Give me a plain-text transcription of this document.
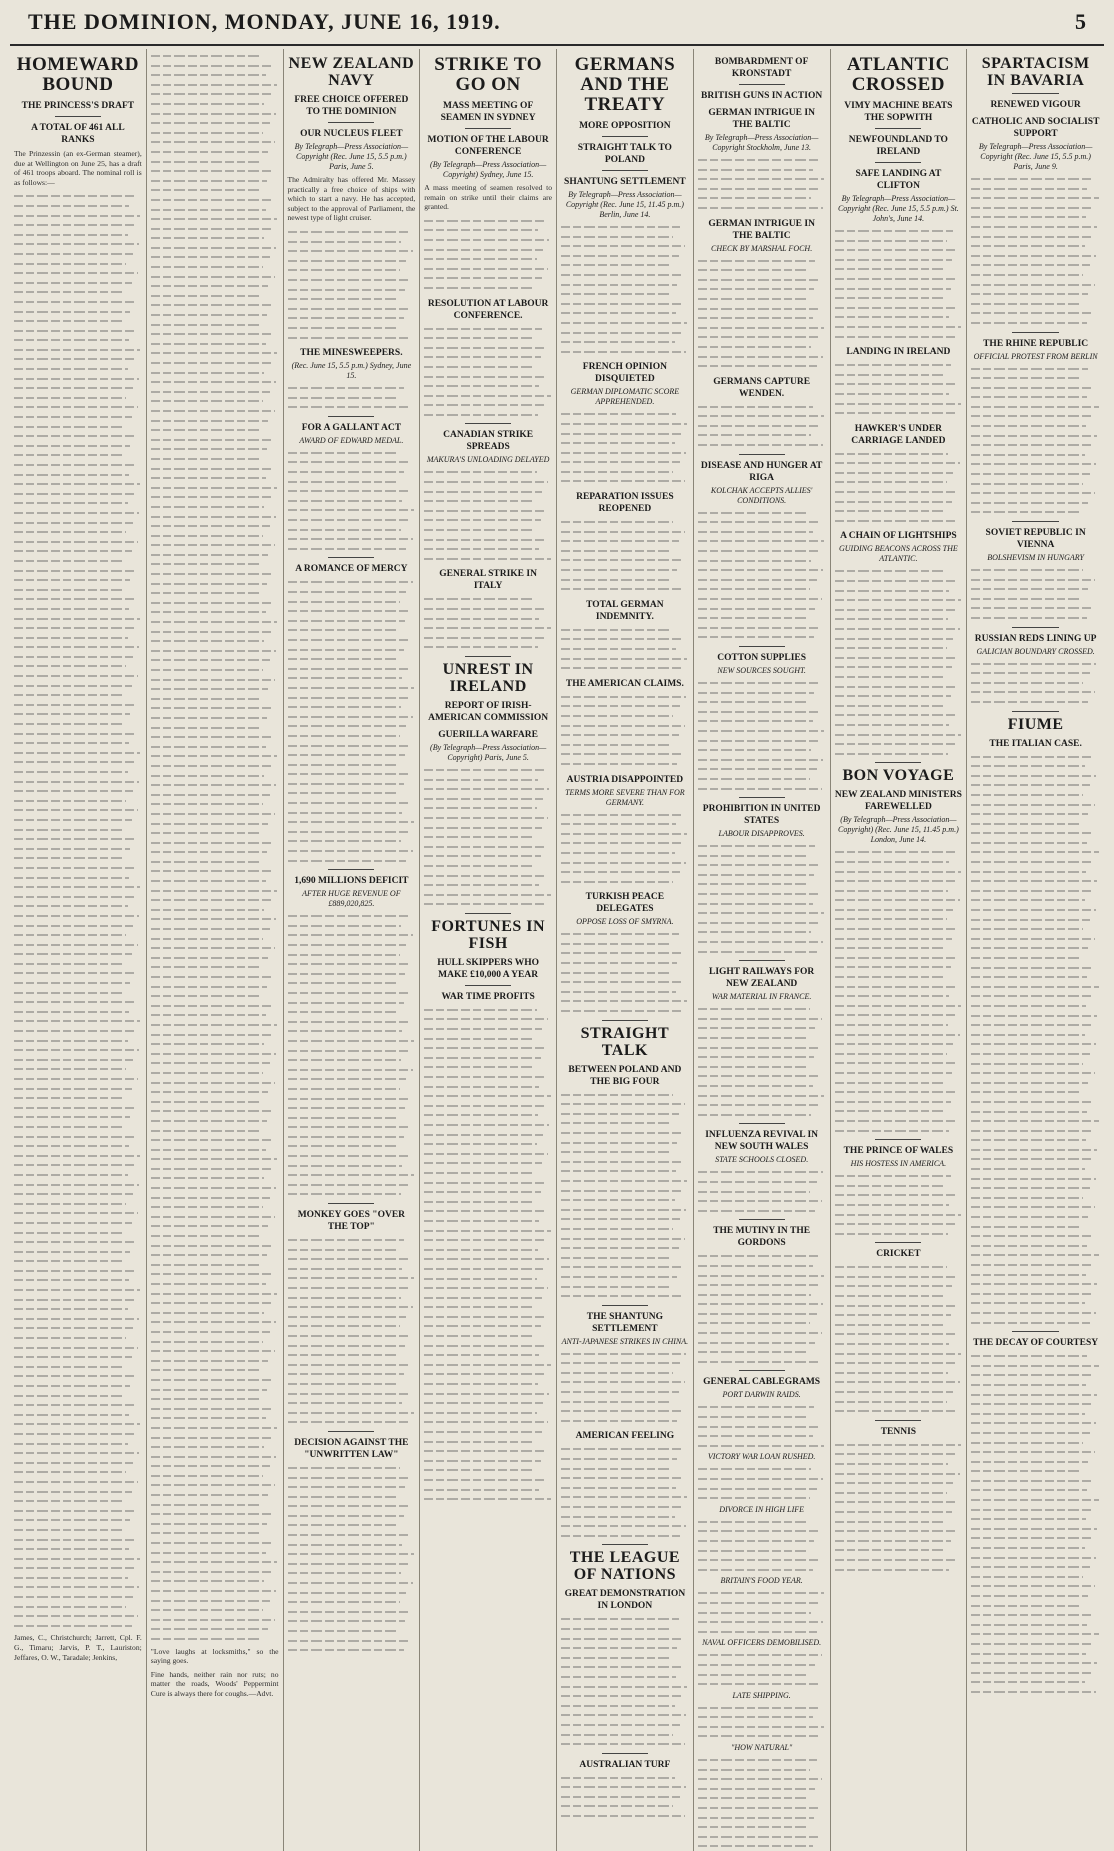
THE DOMINION, MONDAY, JUNE 16, 1919.	5
HOMEWARD BOUND
THE PRINCESS'S DRAFT
A TOTAL OF 461 ALL RANKS
The Prinzessin (an ex-German steamer), due at Wellington on June 25, has a draft of 461 troops aboard. The nominal roll is as follows:—
James, C., Christchurch; Jarrett, Cpl. F. G., Timaru; Jarvis, P. T., Lauriston; Jeffares, O. W., Taradale; Jenkins,
"Love laughs at locksmiths," so the saying goes.
Fine hands, neither rain nor ruts; no matter the roads, Woods' Peppermint Cure is always there for coughs.—Advt.
NEW ZEALAND NAVY
FREE CHOICE OFFERED TO THE DOMINION
OUR NUCLEUS FLEET
By Telegraph—Press Association—Copyright (Rec. June 15, 5.5 p.m.) Paris, June 5.
The Admiralty has offered Mr. Massey practically a free choice of ships with which to start a navy. He has accepted, subject to the approval of Parliament, the newest type of light cruiser.
THE MINESWEEPERS.
(Rec. June 15, 5.5 p.m.) Sydney, June 15.
FOR A GALLANT ACT
AWARD OF EDWARD MEDAL.
A ROMANCE OF MERCY
1,690 MILLIONS DEFICIT
AFTER HUGE REVENUE OF £889,020,825.
MONKEY GOES "OVER THE TOP"
DECISION AGAINST THE "UNWRITTEN LAW"
STRIKE TO GO ON
MASS MEETING OF SEAMEN IN SYDNEY
MOTION OF THE LABOUR CONFERENCE
(By Telegraph—Press Association—Copyright) Sydney, June 15.
A mass meeting of seamen resolved to remain on strike until their claims are granted.
RESOLUTION AT LABOUR CONFERENCE.
CANADIAN STRIKE SPREADS
MAKURA'S UNLOADING DELAYED
GENERAL STRIKE IN ITALY
UNREST IN IRELAND
REPORT OF IRISH-AMERICAN COMMISSION
GUERILLA WARFARE
(By Telegraph—Press Association—Copyright) Paris, June 5.
FORTUNES IN FISH
HULL SKIPPERS WHO MAKE £10,000 A YEAR
WAR TIME PROFITS
GERMANS AND THE TREATY
MORE OPPOSITION
STRAIGHT TALK TO POLAND
SHANTUNG SETTLEMENT
By Telegraph—Press Association—Copyright (Rec. June 15, 11.45 p.m.) Berlin, June 14.
FRENCH OPINION DISQUIETED
GERMAN DIPLOMATIC SCORE APPREHENDED.
REPARATION ISSUES REOPENED
TOTAL GERMAN INDEMNITY.
THE AMERICAN CLAIMS.
AUSTRIA DISAPPOINTED
TERMS MORE SEVERE THAN FOR GERMANY.
TURKISH PEACE DELEGATES
OPPOSE LOSS OF SMYRNA.
STRAIGHT TALK
BETWEEN POLAND AND THE BIG FOUR
THE SHANTUNG SETTLEMENT
ANTI-JAPANESE STRIKES IN CHINA.
AMERICAN FEELING
THE LEAGUE OF NATIONS
GREAT DEMONSTRATION IN LONDON
AUSTRALIAN TURF
BOMBARDMENT OF KRONSTADT
BRITISH GUNS IN ACTION
GERMAN INTRIGUE IN THE BALTIC
By Telegraph—Press Association—Copyright Stockholm, June 13.
GERMAN INTRIGUE IN THE BALTIC
CHECK BY MARSHAL FOCH.
GERMANS CAPTURE WENDEN.
DISEASE AND HUNGER AT RIGA
KOLCHAK ACCEPTS ALLIES' CONDITIONS.
COTTON SUPPLIES
NEW SOURCES SOUGHT.
PROHIBITION IN UNITED STATES
LABOUR DISAPPROVES.
LIGHT RAILWAYS FOR NEW ZEALAND
WAR MATERIAL IN FRANCE.
INFLUENZA REVIVAL IN NEW SOUTH WALES
STATE SCHOOLS CLOSED.
THE MUTINY IN THE GORDONS
GENERAL CABLEGRAMS
PORT DARWIN RAIDS.
VICTORY WAR LOAN RUSHED.
DIVORCE IN HIGH LIFE
BRITAIN'S FOOD YEAR.
NAVAL OFFICERS DEMOBILISED.
LATE SHIPPING.
"HOW NATURAL"
ATLANTIC CROSSED
VIMY MACHINE BEATS THE SOPWITH
NEWFOUNDLAND TO IRELAND
SAFE LANDING AT CLIFTON
By Telegraph—Press Association—Copyright (Rec. June 15, 5.5 p.m.) St. John's, June 14.
LANDING IN IRELAND
HAWKER'S UNDER CARRIAGE LANDED
A CHAIN OF LIGHTSHIPS
GUIDING BEACONS ACROSS THE ATLANTIC.
BON VOYAGE
NEW ZEALAND MINISTERS FAREWELLED
(By Telegraph—Press Association—Copyright) (Rec. June 15, 11.45 p.m.) London, June 14.
THE PRINCE OF WALES
HIS HOSTESS IN AMERICA.
CRICKET
TENNIS
SPARTACISM IN BAVARIA
RENEWED VIGOUR
CATHOLIC AND SOCIALIST SUPPORT
By Telegraph—Press Association—Copyright (Rec. June 15, 5.5 p.m.) Paris, June 9.
THE RHINE REPUBLIC
OFFICIAL PROTEST FROM BERLIN
SOVIET REPUBLIC IN VIENNA
BOLSHEVISM IN HUNGARY
RUSSIAN REDS LINING UP
GALICIAN BOUNDARY CROSSED.
FIUME
THE ITALIAN CASE.
THE DECAY OF COURTESY
